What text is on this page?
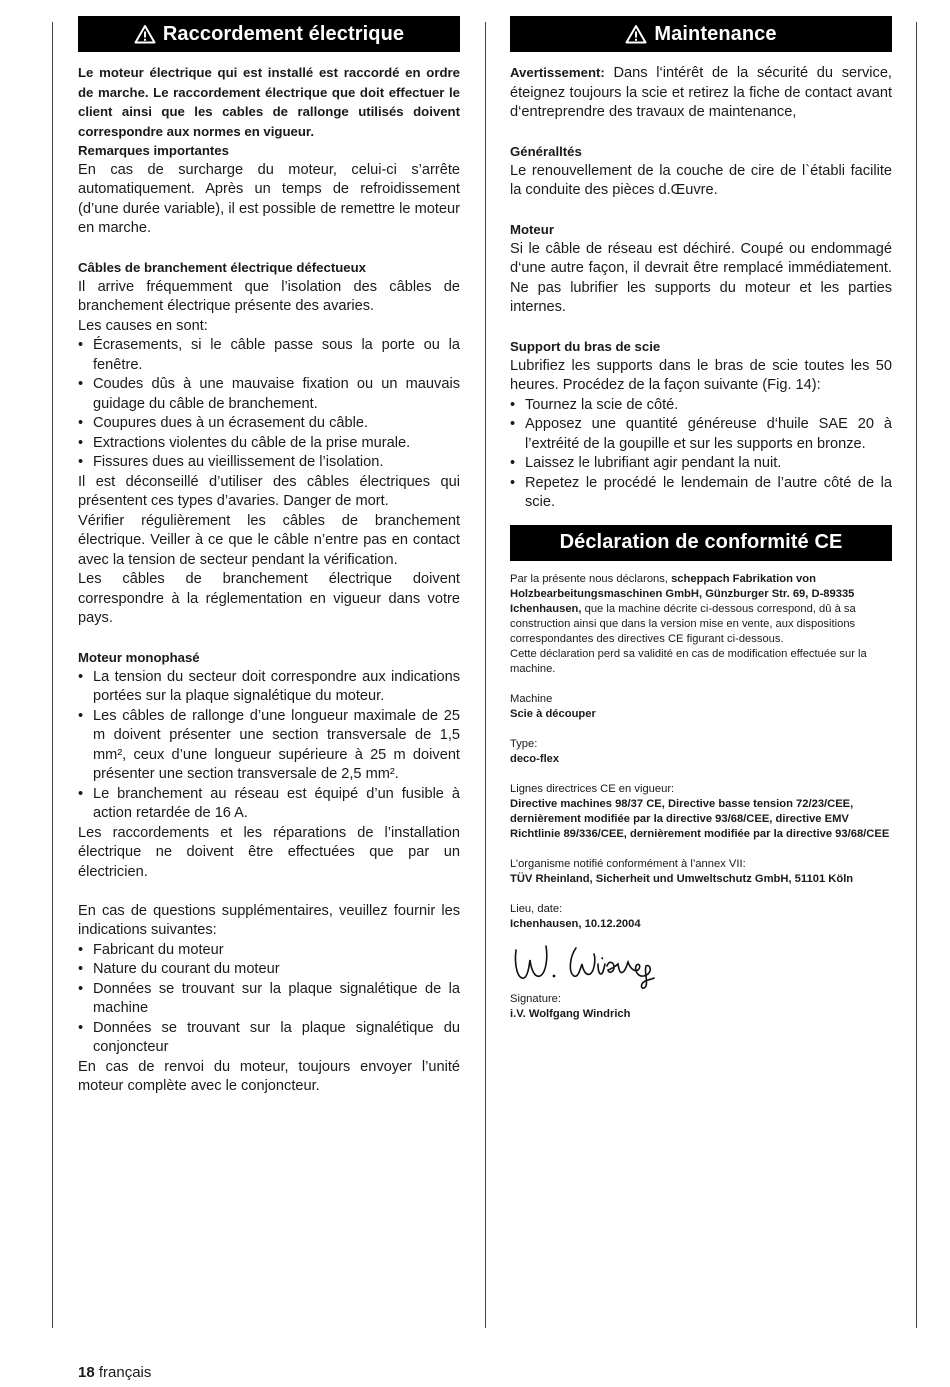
Raccordement électrique

Le moteur électrique qui est installé est raccordé en ordre de marche. Le raccordement électrique que doit effectuer le client ainsi que les cables de rallonge utilisés doivent correspondre aux normes en vigueur.

Remarques importantes

En cas de surcharge du moteur, celui-ci s’arrête automatiquement. Après un temps de refroidissement (d’une durée variable), il est possible de remettre le moteur en marche.

Câbles de branchement électrique défectueux

Il arrive fréquemment que l’isolation des câbles de branchement électrique présente des avaries.

Les causes en sont:

• Écrasements, si le câble passe sous la porte ou la fenêtre.
• Coudes dûs à une mauvaise fixation ou un mauvais guidage du câble de branchement.
• Coupures dues à un écrasement du câble.
• Extractions violentes du câble de la prise murale.
• Fissures dues au vieillissement de l’isolation.

Il est déconseillé d’utiliser des câbles électriques qui présentent ces types d’avaries. Danger de mort.

Vérifier régulièrement les câbles de branchement électrique. Veiller à ce que le câble n’entre pas en contact avec la tension de secteur pendant la vérification.

Les câbles de branchement électrique doivent correspondre à la réglementation en vigueur dans votre pays.

Moteur monophasé

• La tension du secteur doit correspondre aux indications portées sur la plaque signalétique du moteur.
• Les câbles de rallonge d’une longueur maximale de 25 m doivent présenter une section transversale de 1,5 mm², ceux d’une longueur supérieure à 25 m doivent présenter une section transversale de 2,5 mm².
• Le branchement au réseau est équipé d’un fusible à action retardée de 16 A.

Les raccordements et les réparations de l’installation électrique ne doivent être effectuées que par un électricien.

En cas de questions supplémentaires, veuillez fournir les indications suivantes:

• Fabricant du moteur
• Nature du courant du moteur
• Données se trouvant sur la plaque signalétique de la machine
• Données se trouvant sur la plaque signalétique du conjoncteur

En cas de renvoi du moteur, toujours envoyer l’unité moteur complète avec le conjoncteur.

Maintenance

Avertissement: Dans l‘intérêt de la sécurité du service, éteignez toujours la scie et retirez la fiche de contact avant d‘entreprendre des travaux de maintenance,

Généralltés

Le renouvellement de la couche de cire de l`établi facilite la conduite des pièces d.Œuvre.

Moteur

Si le câble de réseau est déchiré. Coupé ou endommagé d‘une autre façon, il devrait être remplacé immédiatement. Ne pas lubrifier les supports du moteur et les parties internes.

Support du bras de scie

Lubrifiez les supports dans le bras de scie toutes les 50 heures. Procédez de la façon suivante (Fig. 14):

• Tournez la scie de côté.
• Apposez une quantité généreuse d‘huile SAE 20 à l’extréité de la goupille et sur les supports en bronze.
• Laissez le lubrifiant agir pendant la nuit.
• Repetez le procédé le lendemain de l’autre côté de la scie.
Déclaration de conformité CE

Par la présente nous déclarons, scheppach Fabrikation von Holzbearbeitungsmaschinen GmbH, Günzburger Str. 69, D-89335 Ichenhausen, que la machine décrite ci-dessous correspond, dû à sa construction ainsi que dans la version mise en vente, aux dispositions correspondantes des directives CE figurant ci-dessous.

Cette déclaration perd sa validité en cas de modification effectuée sur la machine.

Machine

Scie à découper

Type:

deco-flex

Lignes directrices CE en vigueur:

Directive machines 98/37 CE, Directive basse tension 72/23/CEE, dernièrement modifiée par la directive 93/68/CEE, directive EMV Richtlinie 89/336/CEE, dernièrement modifiée par la directive 93/68/CEE

L’organisme notifié conformément à l’annex VII:

TÜV Rheinland, Sicherheit und Umweltschutz GmbH, 51101 Köln

Lieu, date:

Ichenhausen, 10.12.2004

Signature:

i.V. Wolfgang Windrich

18 français
